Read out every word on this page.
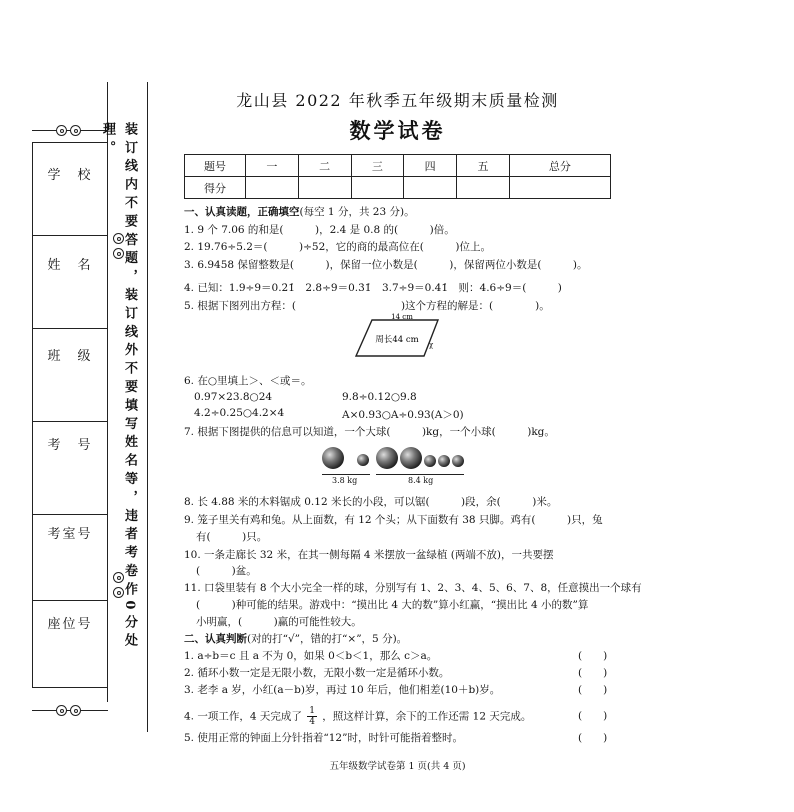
学　校
姓　名
班　级
考　号
考室号
座位号	装订线内不要答题，装订线外不要填写姓名等，违者考卷作0分处理。
龙山县 2022 年秋季五年级期末质量检测
数学试卷
题号	一	二	三	四	五	总分
得分						
一、认真读题，正确填空(每空 1 分，共 23 分)。
1. 9 个 7.06 的和是(　　　)，2.4 是 0.8 的(　　　)倍。
2. 19.76÷5.2＝(　　　)÷52，它的商的最高位在(　　　)位上。
3. 6.9458 保留整数是(　　　)，保留一位小数是(　　　)，保留两位小数是(　　　)。
4. 已知：1.9÷9＝0.2̇1̇　2.8÷9＝0.3̇1̇　3.7÷9＝0.4̇1̇　则：4.6÷9＝(　　　)
5. 根据下图列出方程：(　　　　　　　　　　)这个方程的解是：(　　　　)。
14 cm
周长44 cm χ
6. 在○里填上＞、＜或＝。
0.97×23.8○24	9.8÷0.12○9.8
4.2÷0.25○4.2×4	A×0.93○A÷0.93(A＞0)
7. 根据下图提供的信息可以知道，一个大球(　　　)kg，一个小球(　　　)kg。
3.8 kg	8.4 kg
8. 长 4.88 米的木料锯成 0.12 米长的小段，可以锯(　　　)段，余(　　　)米。
9. 笼子里关有鸡和兔。从上面数，有 12 个头；从下面数有 38 只脚。鸡有(　　　)只，兔
有(　　　)只。
10. 一条走廊长 32 米，在其一侧每隔 4 米摆放一盆绿植 (两端不放)，一共要摆
(　　　)盆。
11. 口袋里装有 8 个大小完全一样的球，分别写有 1、2、3、4、5、6、7、8，任意摸出一个球有
(　　　)种可能的结果。游戏中：“摸出比 4 大的数”算小红赢，“摸出比 4 小的数”算
小明赢，(　　　)赢的可能性较大。
二、认真判断(对的打“√”，错的打“×”，5 分)。
1. a÷b＝c 且 a 不为 0，如果 0＜b＜1，那么 c＞a。	(　　)
2. 循环小数一定是无限小数，无限小数一定是循环小数。	(　　)
3. 老李 a 岁，小红(a－b)岁，再过 10 年后，他们相差(10＋b)岁。	(　　)
4. 一项工作，4 天完成了 $\frac{1}{4}$ ，照这样计算，余下的工作还需 12 天完成。	(　　)
5. 使用正常的钟面上分针指着“12”时，时针可能指着整时。	(　　)
五年级数学试卷第 1 页(共 4 页)
